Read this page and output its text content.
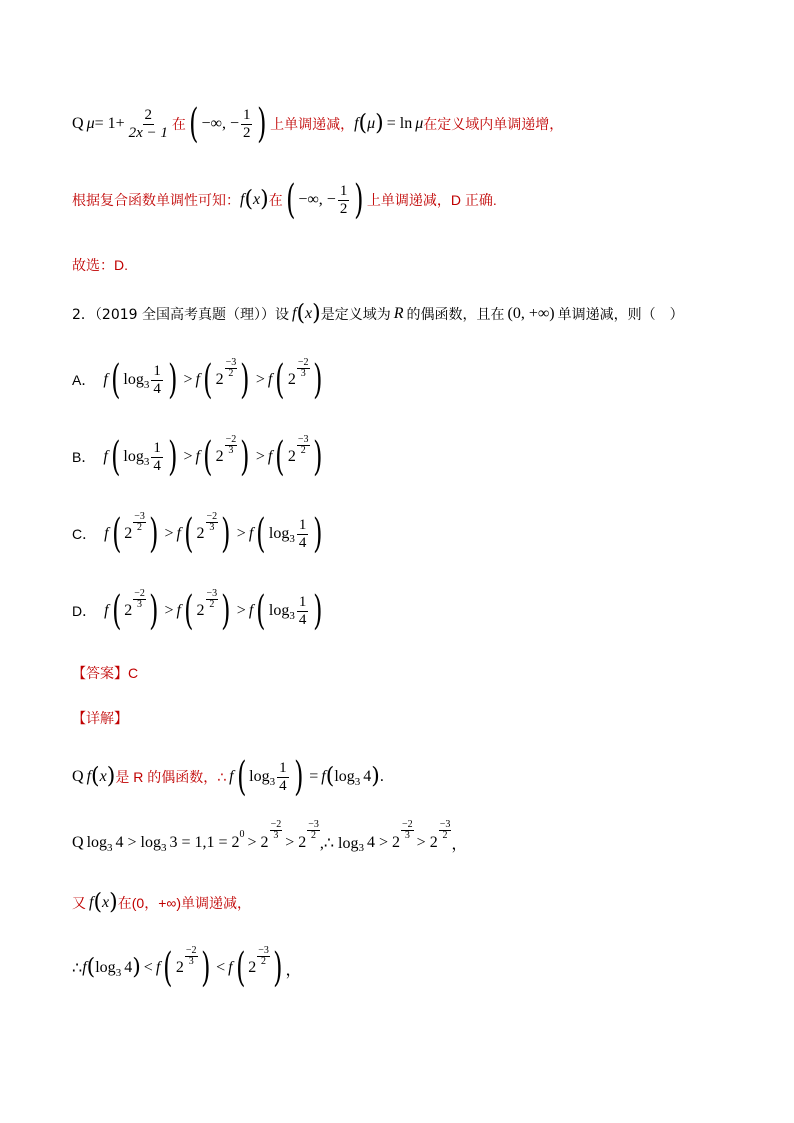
Q $\mu = 1+ \frac{2}{2x - 1}$ 在 ( −∞, − $\frac{1}{2}$ ) 上单调递减， f ( μ ) = ln μ 在定义域内单调递增，
根据复合函数单调性可知： f ( x ) 在 ( −∞, − $\frac{1}{2}$ ) 上单调递减，D 正确.
故选：D.
2．（2019 全国高考真题（理））设 f ( x ) 是定义域为 R 的偶函数，且在 (0, +∞) 单调递减，则（　）
A． f ( $\log 3 \frac{1}{4}$ ) > f ( 2
−3
2 ) > f ( 2
−2
3 )
B． f ( $\log 3 \frac{1}{4}$ ) > f ( 2
−2
3 ) > f ( 2
−3
2 )
C． f ( 2
−3
2 ) > f ( 2
−2
3 ) > f ( $\log 3 \frac{1}{4}$ )
D． f ( 2
−2
3 ) > f ( 2
−3
2 ) > f ( $\log 3 \frac{1}{4}$ )
【答案】C
【详解】
Q f ( x ) 是 R 的偶函数，∴ f ( $\log 3 \frac{1}{4}$ ) = f ( log 3 4 ) .
Q log 3 4 > log 3 3 = 1,1 = 2 0 > 2
−2
3 > 2
−3
2 ,∴ log 3 4 > 2
−2
3 > 2
−3
2
，
又 f ( x ) 在(0，+∞)单调递减，
∴ f ( log 3 4 ) < f ( 2
−2
3 ) < f ( 2
−3
2 ) ，
